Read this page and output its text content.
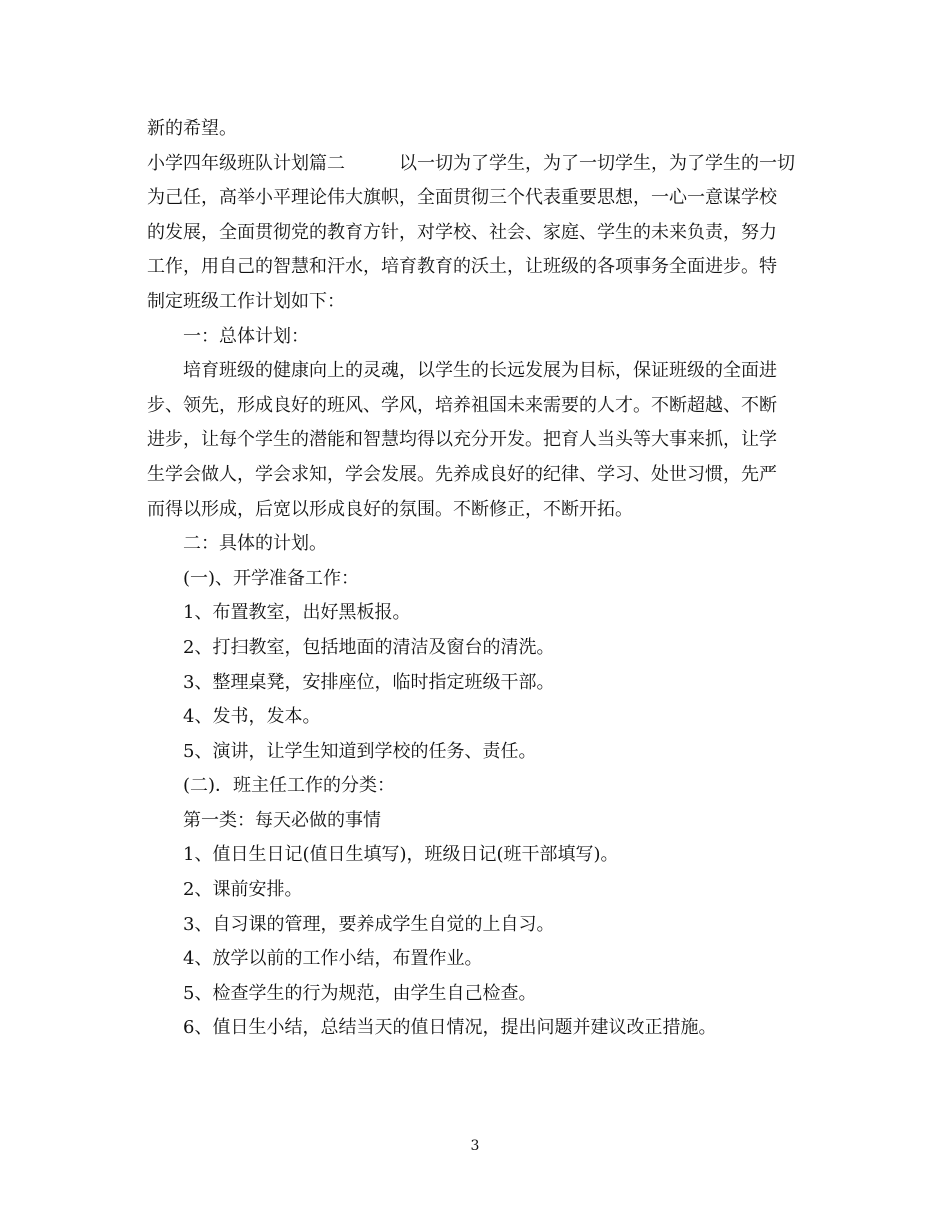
新的希望。
小学四年级班队计划篇二	以一切为了学生，为了一切学生，为了学生的一切
为己任，高举小平理论伟大旗帜，全面贯彻三个代表重要思想，一心一意谋学校
的发展，全面贯彻党的教育方针，对学校、社会、家庭、学生的未来负责，努力
工作，用自己的智慧和汗水，培育教育的沃土，让班级的各项事务全面进步。特
制定班级工作计划如下：
一：总体计划：
培育班级的健康向上的灵魂，以学生的长远发展为目标，保证班级的全面进
步、领先，形成良好的班风、学风，培养祖国未来需要的人才。不断超越、不断
进步，让每个学生的潜能和智慧均得以充分开发。把育人当头等大事来抓，让学
生学会做人，学会求知，学会发展。先养成良好的纪律、学习、处世习惯，先严
而得以形成，后宽以形成良好的氛围。不断修正，不断开拓。
二：具体的计划。
(一)、开学准备工作：
1、布置教室，出好黑板报。
2、打扫教室，包括地面的清洁及窗台的清洗。
3、整理桌凳，安排座位，临时指定班级干部。
4、发书，发本。
5、演讲，让学生知道到学校的任务、责任。
(二)．班主任工作的分类：
第一类：每天必做的事情
1、值日生日记(值日生填写)，班级日记(班干部填写)。
2、课前安排。
3、自习课的管理，要养成学生自觉的上自习。
4、放学以前的工作小结，布置作业。
5、检查学生的行为规范，由学生自己检查。
6、值日生小结，总结当天的值日情况，提出问题并建议改正措施。
3
